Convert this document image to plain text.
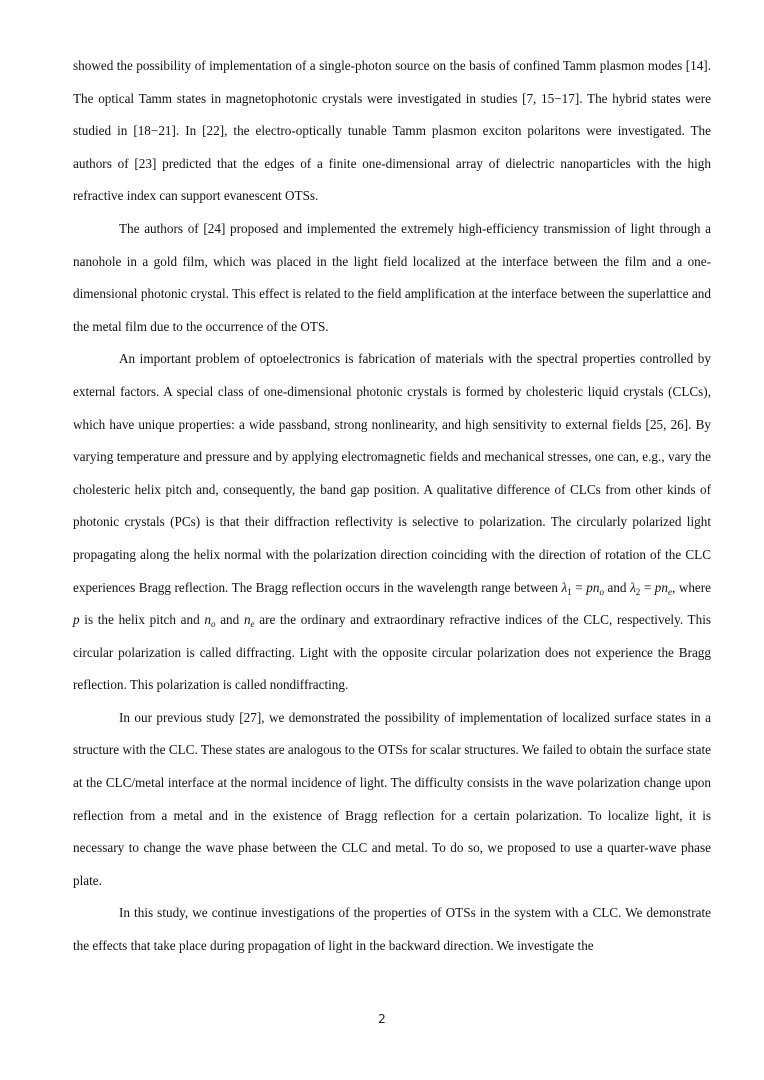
showed the possibility of implementation of a single-photon source on the basis of confined Tamm plasmon modes [14]. The optical Tamm states in magnetophotonic crystals were investigated in studies [7, 15−17]. The hybrid states were studied in [18−21]. In [22], the electro-optically tunable Tamm plasmon exciton polaritons were investigated. The authors of [23] predicted that the edges of a finite one-dimensional array of dielectric nanoparticles with the high refractive index can support evanescent OTSs.

The authors of [24] proposed and implemented the extremely high-efficiency transmission of light through a nanohole in a gold film, which was placed in the light field localized at the interface between the film and a one-dimensional photonic crystal. This effect is related to the field amplification at the interface between the superlattice and the metal film due to the occurrence of the OTS.

An important problem of optoelectronics is fabrication of materials with the spectral properties controlled by external factors. A special class of one-dimensional photonic crystals is formed by cholesteric liquid crystals (CLCs), which have unique properties: a wide passband, strong nonlinearity, and high sensitivity to external fields [25, 26]. By varying temperature and pressure and by applying electromagnetic fields and mechanical stresses, one can, e.g., vary the cholesteric helix pitch and, consequently, the band gap position. A qualitative difference of CLCs from other kinds of photonic crystals (PCs) is that their diffraction reflectivity is selective to polarization. The circularly polarized light propagating along the helix normal with the polarization direction coinciding with the direction of rotation of the CLC experiences Bragg reflection. The Bragg reflection occurs in the wavelength range between $\lambda_1 = pn_o$ and $\lambda_2 = pn_e$, where p is the helix pitch and $n_o$ and $n_e$ are the ordinary and extraordinary refractive indices of the CLC, respectively. This circular polarization is called diffracting. Light with the opposite circular polarization does not experience the Bragg reflection. This polarization is called nondiffracting.

In our previous study [27], we demonstrated the possibility of implementation of localized surface states in a structure with the CLC. These states are analogous to the OTSs for scalar structures. We failed to obtain the surface state at the CLC/metal interface at the normal incidence of light. The difficulty consists in the wave polarization change upon reflection from a metal and in the existence of Bragg reflection for a certain polarization. To localize light, it is necessary to change the wave phase between the CLC and metal. To do so, we proposed to use a quarter-wave phase plate.

In this study, we continue investigations of the properties of OTSs in the system with a CLC. We demonstrate the effects that take place during propagation of light in the backward direction. We investigate the

2
